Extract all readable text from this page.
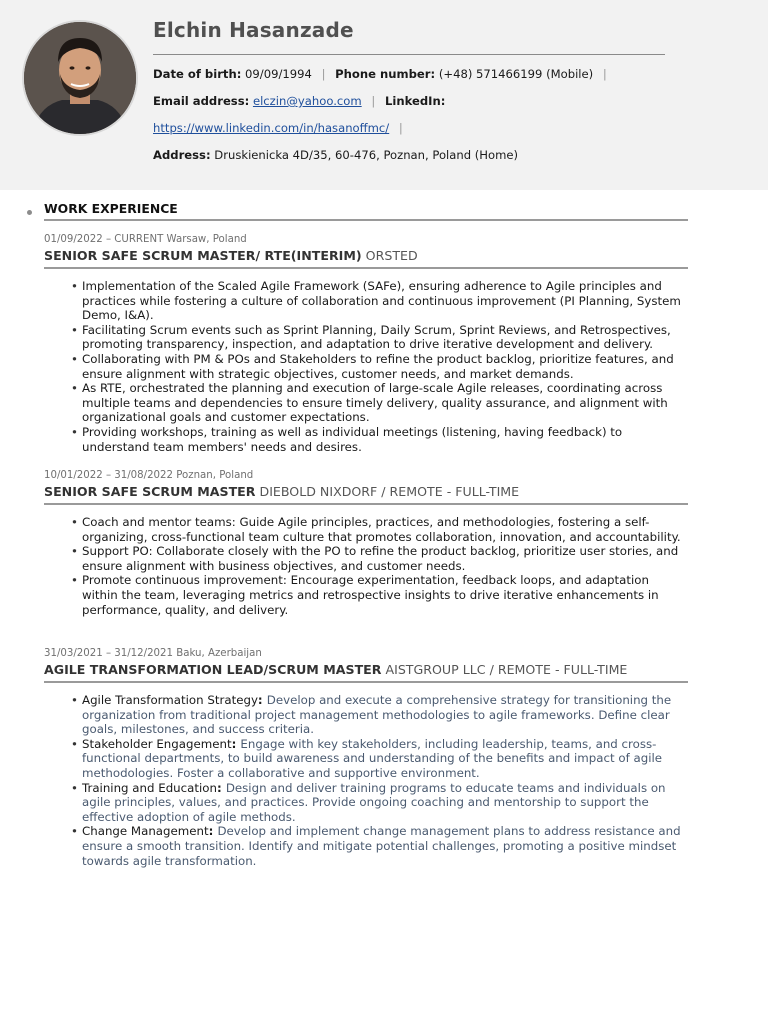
Elchin Hasanzade
Date of birth: 09/09/1994 | Phone number: (+48) 571466199 (Mobile) |
Email address: elczin@yahoo.com | LinkedIn:
https://www.linkedin.com/in/hasanoffmc/ |
Address: Druskienicka 4D/35, 60-476, Poznan, Poland (Home)
WORK EXPERIENCE
01/09/2022 – CURRENT Warsaw, Poland
SENIOR SAFE SCRUM MASTER/ RTE(INTERIM) ORSTED
• Implementation of the Scaled Agile Framework (SAFe), ensuring adherence to Agile principles and practices while fostering a culture of collaboration and continuous improvement (PI Planning, System Demo, I&A).
• Facilitating Scrum events such as Sprint Planning, Daily Scrum, Sprint Reviews, and Retrospectives, promoting transparency, inspection, and adaptation to drive iterative development and delivery.
• Collaborating with PM & POs and Stakeholders to refine the product backlog, prioritize features, and ensure alignment with strategic objectives, customer needs, and market demands.
• As RTE, orchestrated the planning and execution of large-scale Agile releases, coordinating across multiple teams and dependencies to ensure timely delivery, quality assurance, and alignment with organizational goals and customer expectations.
• Providing workshops, training as well as individual meetings (listening, having feedback) to understand team members' needs and desires.
10/01/2022 – 31/08/2022 Poznan, Poland
SENIOR SAFE SCRUM MASTER DIEBOLD NIXDORF / REMOTE - FULL-TIME
• Coach and mentor teams: Guide Agile principles, practices, and methodologies, fostering a self-organizing, cross-functional team culture that promotes collaboration, innovation, and accountability.
• Support PO: Collaborate closely with the PO to refine the product backlog, prioritize user stories, and ensure alignment with business objectives, and customer needs.
• Promote continuous improvement: Encourage experimentation, feedback loops, and adaptation within the team, leveraging metrics and retrospective insights to drive iterative enhancements in performance, quality, and delivery.
31/03/2021 – 31/12/2021 Baku, Azerbaijan
AGILE TRANSFORMATION LEAD/SCRUM MASTER AISTGROUP LLC / REMOTE - FULL-TIME
• Agile Transformation Strategy: Develop and execute a comprehensive strategy for transitioning the organization from traditional project management methodologies to agile frameworks. Define clear goals, milestones, and success criteria.
• Stakeholder Engagement: Engage with key stakeholders, including leadership, teams, and cross-functional departments, to build awareness and understanding of the benefits and impact of agile methodologies. Foster a collaborative and supportive environment.
• Training and Education: Design and deliver training programs to educate teams and individuals on agile principles, values, and practices. Provide ongoing coaching and mentorship to support the effective adoption of agile methods.
• Change Management: Develop and implement change management plans to address resistance and ensure a smooth transition. Identify and mitigate potential challenges, promoting a positive mindset towards agile transformation.
